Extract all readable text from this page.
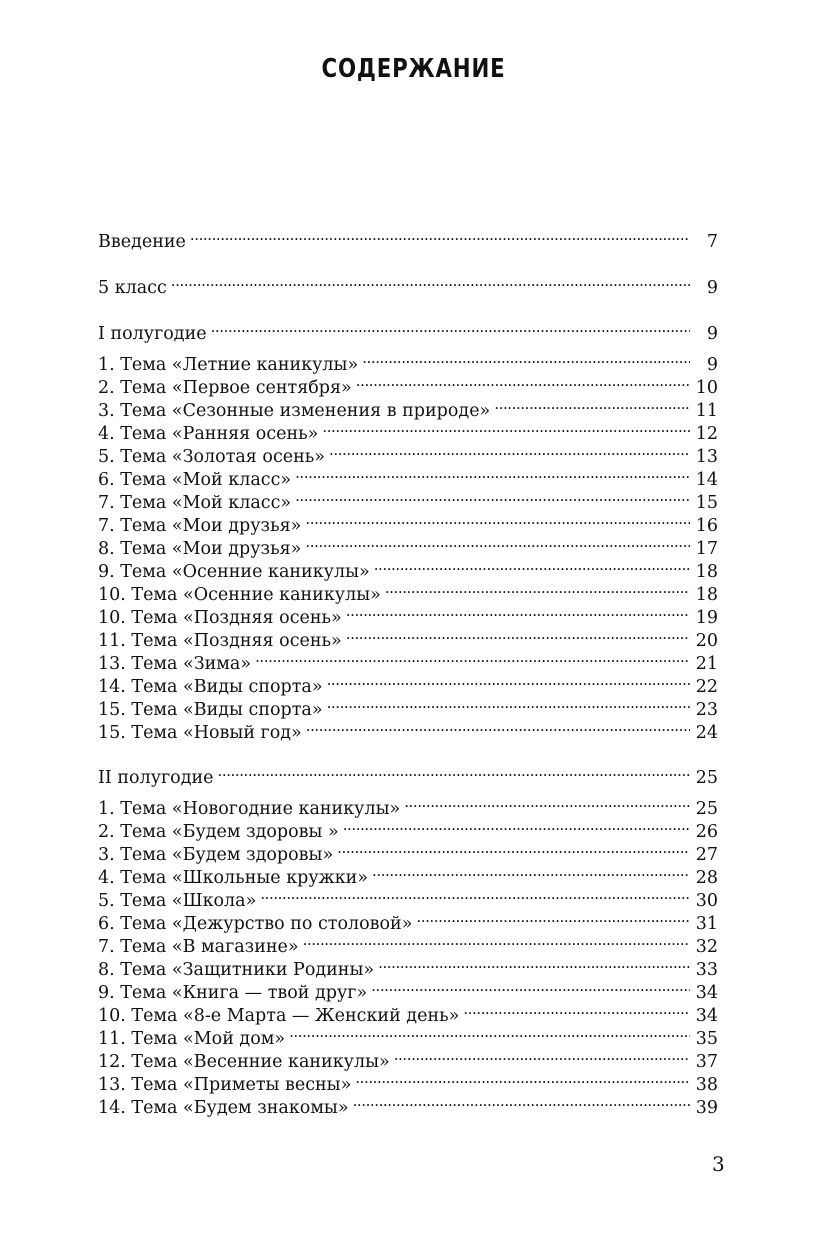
СОДЕРЖАНИЕ
Введение . . .	7
5 класс . . .	9
I полугодие . . .	9
1. Тема «Летние каникулы» . . .	9
2. Тема «Первое сентября» . . .	10
3. Тема «Сезонные изменения в природе» . . .	11
4. Тема «Ранняя осень» . . .	12
5. Тема «Золотая осень» . . .	13
6. Тема «Мой класс» . . .	14
7. Тема «Мой класс» . . .	15
7. Тема «Мои друзья» . . .	16
8. Тема «Мои друзья» . . .	17
9. Тема «Осенние каникулы» . . .	18
10. Тема «Осенние каникулы» . . .	18
10. Тема «Поздняя осень» . . .	19
11. Тема «Поздняя осень» . . .	20
13. Тема «Зима» . . .	21
14. Тема «Виды спорта» . . .	22
15. Тема «Виды спорта» . . .	23
15. Тема «Новый год» . . .	24
II полугодие . . .	25
1. Тема «Новогодние каникулы» . . .	25
2. Тема «Будем здоровы » . . .	26
3. Тема «Будем здоровы» . . .	27
4. Тема «Школьные кружки» . . .	28
5. Тема «Школа» . . .	30
6. Тема «Дежурство по столовой» . . .	31
7. Тема «В магазине» . . .	32
8. Тема «Защитники Родины» . . .	33
9. Тема «Книга — твой друг» . . .	34
10. Тема «8-е Марта — Женский день» . . .	34
11. Тема «Мой дом» . . .	35
12. Тема «Весенние каникулы» . . .	37
13. Тема «Приметы весны» . . .	38
14. Тема «Будем знакомы» . . .	39
3
